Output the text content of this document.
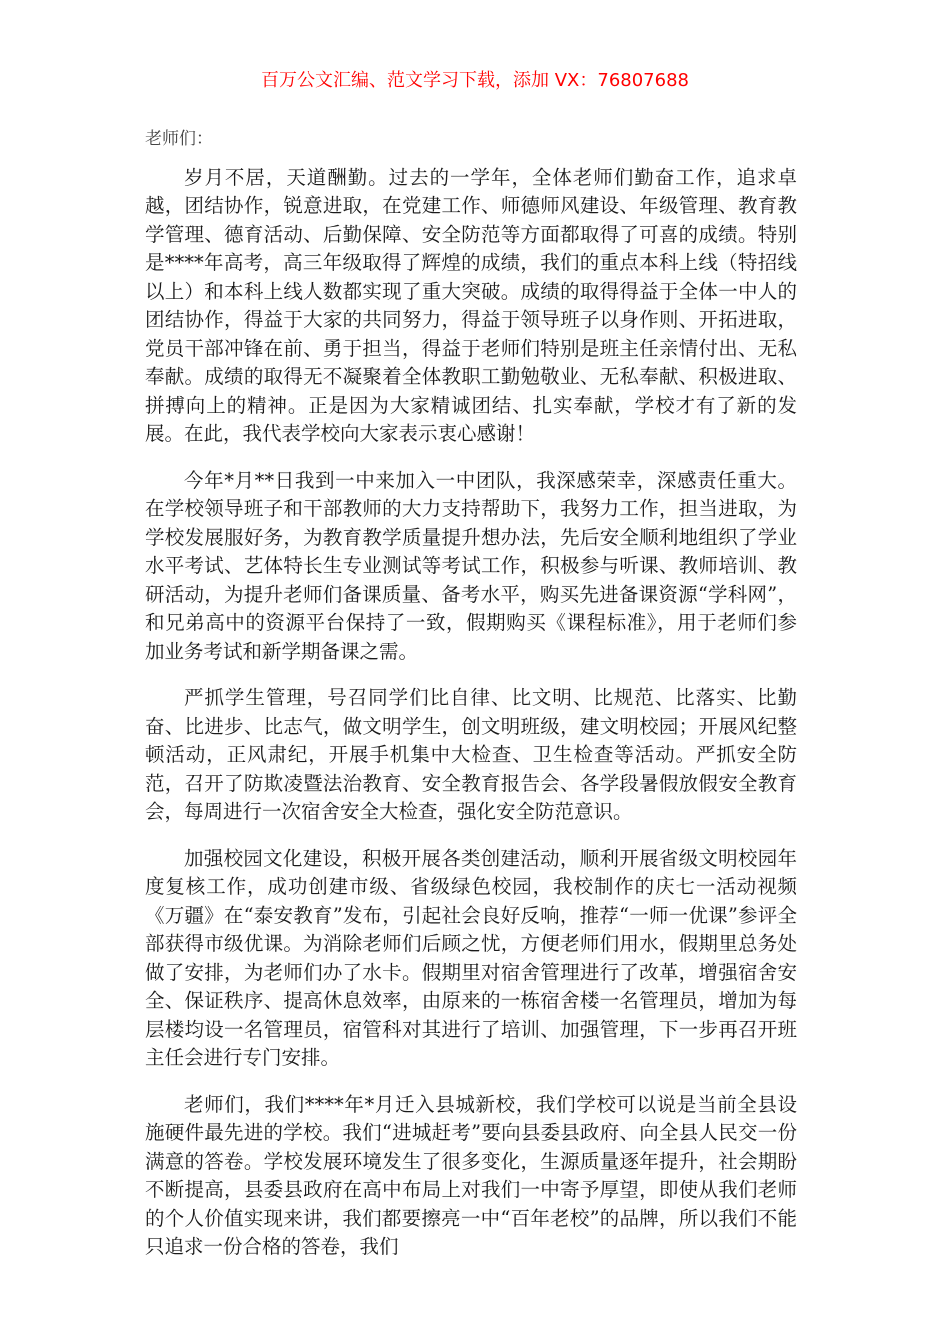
百万公文汇编、范文学习下载，添加 VX：76807688

老师们：

岁月不居，天道酬勤。过去的一学年，全体老师们勤奋工作，追求卓越，团结协作，锐意进取，在党建工作、师德师风建设、年级管理、教育教学管理、德育活动、后勤保障、安全防范等方面都取得了可喜的成绩。特别是****年高考，高三年级取得了辉煌的成绩，我们的重点本科上线（特招线以上）和本科上线人数都实现了重大突破。成绩的取得得益于全体一中人的团结协作，得益于大家的共同努力，得益于领导班子以身作则、开拓进取，党员干部冲锋在前、勇于担当，得益于老师们特别是班主任亲情付出、无私奉献。成绩的取得无不凝聚着全体教职工勤勉敬业、无私奉献、积极进取、拼搏向上的精神。正是因为大家精诚团结、扎实奉献，学校才有了新的发展。在此，我代表学校向大家表示衷心感谢！

今年*月**日我到一中来加入一中团队，我深感荣幸，深感责任重大。在学校领导班子和干部教师的大力支持帮助下，我努力工作，担当进取，为学校发展服好务，为教育教学质量提升想办法，先后安全顺利地组织了学业水平考试、艺体特长生专业测试等考试工作，积极参与听课、教师培训、教研活动，为提升老师们备课质量、备考水平，购买先进备课资源“学科网”，和兄弟高中的资源平台保持了一致，假期购买《课程标准》，用于老师们参加业务考试和新学期备课之需。

严抓学生管理，号召同学们比自律、比文明、比规范、比落实、比勤奋、比进步、比志气，做文明学生，创文明班级，建文明校园；开展风纪整顿活动，正风肃纪，开展手机集中大检查、卫生检查等活动。严抓安全防范，召开了防欺凌暨法治教育、安全教育报告会、各学段暑假放假安全教育会，每周进行一次宿舍安全大检查，强化安全防范意识。

加强校园文化建设，积极开展各类创建活动，顺利开展省级文明校园年度复核工作，成功创建市级、省级绿色校园，我校制作的庆七一活动视频《万疆》在“泰安教育”发布，引起社会良好反响，推荐“一师一优课”参评全部获得市级优课。为消除老师们后顾之忧，方便老师们用水，假期里总务处做了安排，为老师们办了水卡。假期里对宿舍管理进行了改革，增强宿舍安全、保证秩序、提高休息效率，由原来的一栋宿舍楼一名管理员，增加为每层楼均设一名管理员，宿管科对其进行了培训、加强管理，下一步再召开班主任会进行专门安排。

老师们，我们****年*月迁入县城新校，我们学校可以说是当前全县设施硬件最先进的学校。我们“进城赶考”要向县委县政府、向全县人民交一份满意的答卷。学校发展环境发生了很多变化，生源质量逐年提升，社会期盼不断提高，县委县政府在高中布局上对我们一中寄予厚望，即使从我们老师的个人价值实现来讲，我们都要擦亮一中“百年老校”的品牌，所以我们不能只追求一份合格的答卷，我们
